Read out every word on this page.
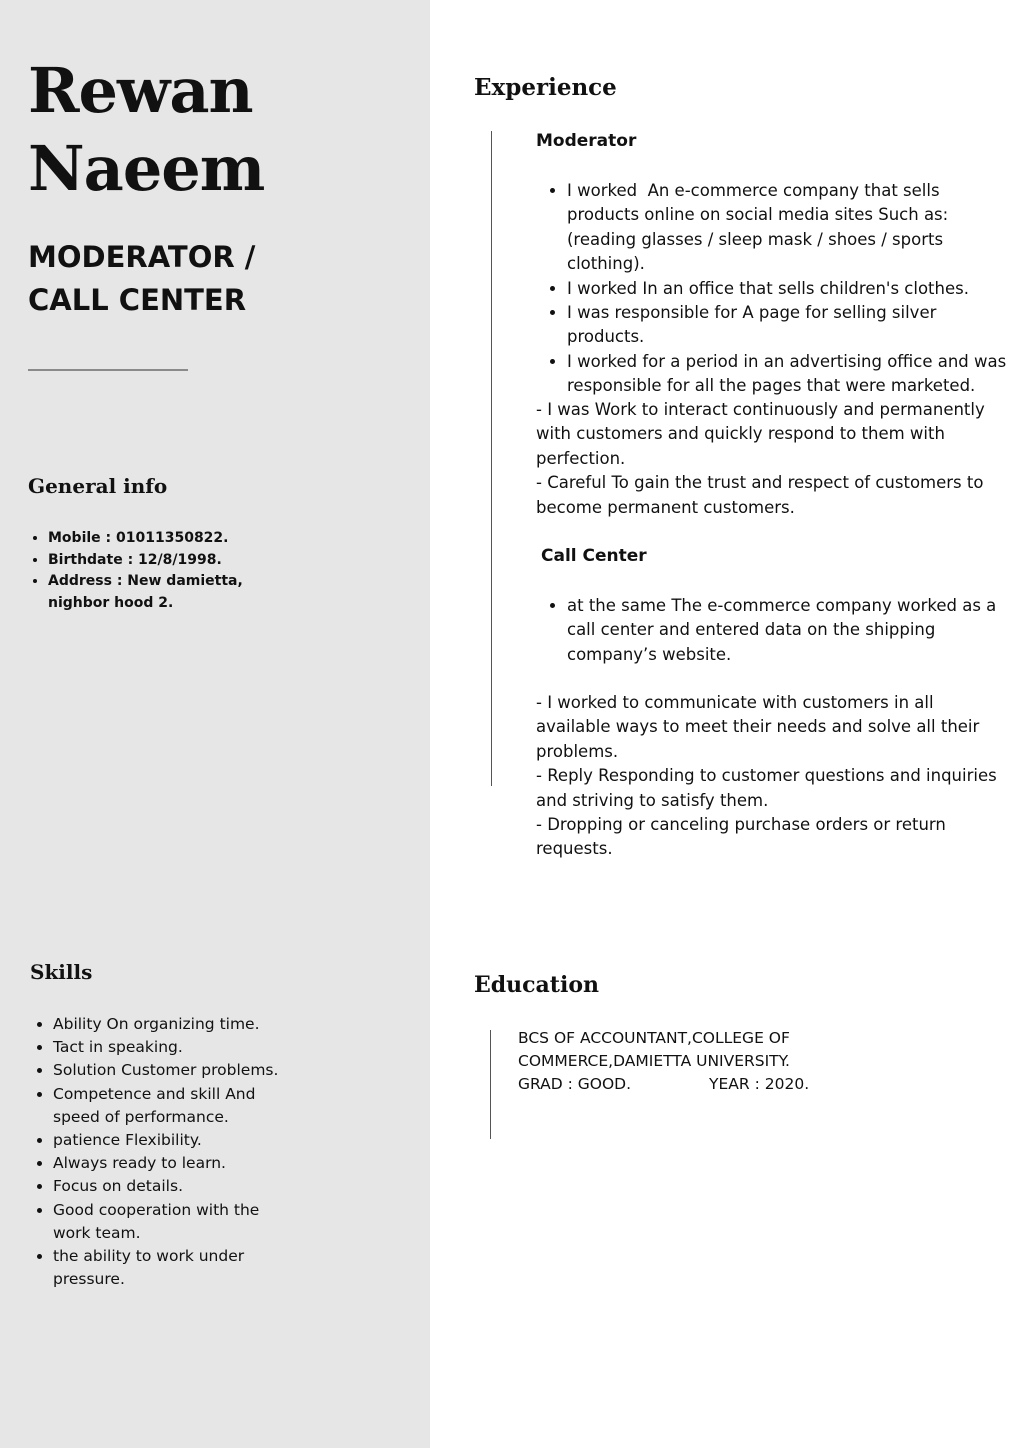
Rewan
Naeem
MODERATOR /
CALL CENTER
General info
• Mobile : 01011350822.
• Birthdate : 12/8/1998.
• Address : New damietta, nighbor hood 2.
Skills
• Ability On organizing time.
• Tact in speaking.
• Solution Customer problems.
• Competence and skill And speed of performance.
• patience Flexibility.
• Always ready to learn.
• Focus on details.
• Good cooperation with the work team.
• the ability to work under pressure.
Experience
Moderator
• I worked  An e-commerce company that sells products online on social media sites Such as: (reading glasses / sleep mask / shoes / sports clothing).
• I worked In an office that sells children's clothes.
• I was responsible for A page for selling silver products.
• I worked for a period in an advertising office and was responsible for all the pages that were marketed.

- I was Work to interact continuously and permanently with customers and quickly respond to them with perfection.

- Careful To gain the trust and respect of customers to become permanent customers.

Call Center
• at the same The e-commerce company worked as a call center and entered data on the shipping company’s website.

- I worked to communicate with customers in all available ways to meet their needs and solve all their problems.

- Reply Responding to customer questions and inquiries and striving to satisfy them.

- Dropping or canceling purchase orders or return requests.

Education
BCS OF ACCOUNTANT,COLLEGE OF
COMMERCE,DAMIETTA UNIVERSITY.
GRAD : GOOD.	YEAR : 2020.
